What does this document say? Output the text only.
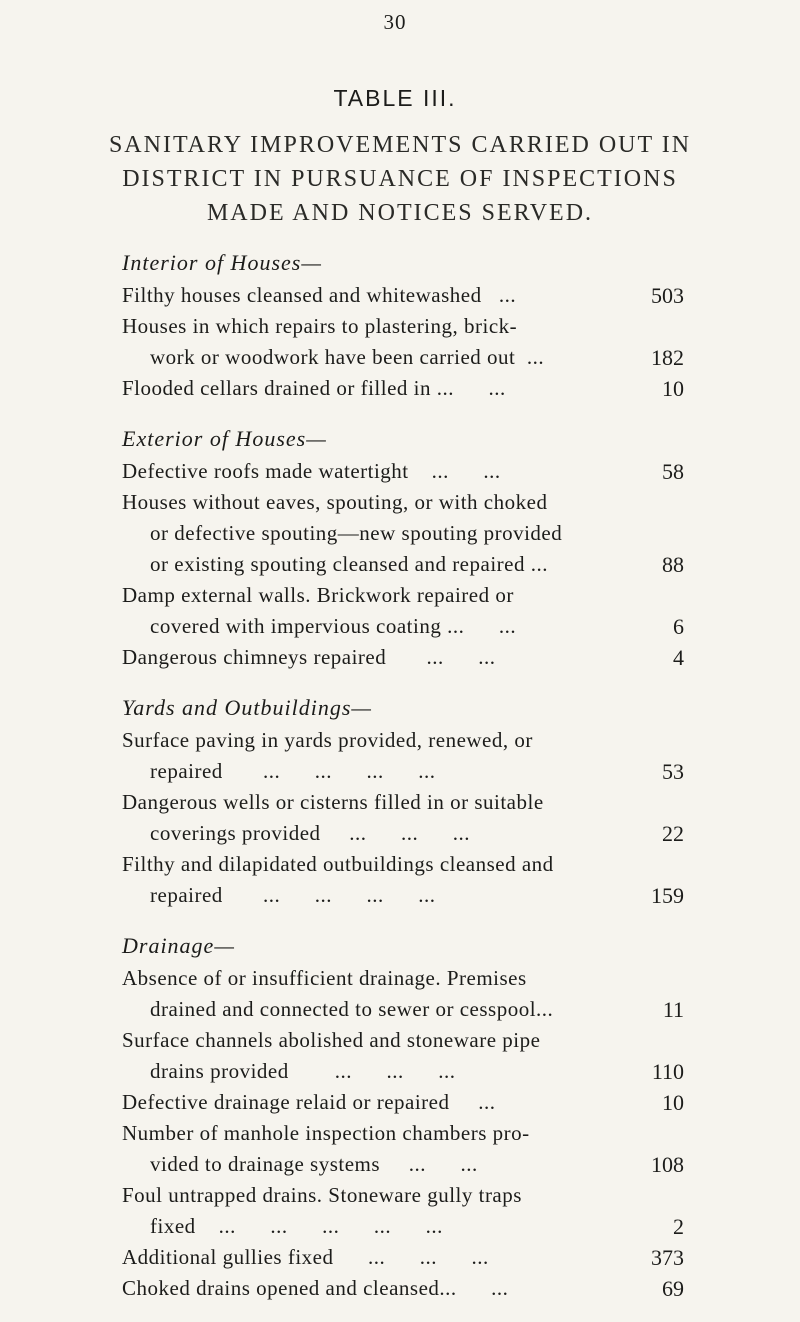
30
TABLE III.
SANITARY IMPROVEMENTS CARRIED OUT IN
DISTRICT IN PURSUANCE OF INSPECTIONS
MADE AND NOTICES SERVED.
Interior of Houses—
Filthy houses cleansed and whitewashed   ...	503
Houses in which repairs to plastering, brick-
work or woodwork have been carried out  ...	182
Flooded cellars drained or filled in ...      ...	10
Exterior of Houses—
Defective roofs made watertight    ...      ...	58
Houses without eaves, spouting, or with choked
or defective spouting—new spouting provided
or existing spouting cleansed and repaired ...	88
Damp external walls. Brickwork repaired or
covered with impervious coating ...      ...	6
Dangerous chimneys repaired       ...      ...	4
Yards and Outbuildings—
Surface paving in yards provided, renewed, or
repaired       ...      ...      ...      ...	53
Dangerous wells or cisterns filled in or suitable
coverings provided     ...      ...      ...	22
Filthy and dilapidated outbuildings cleansed and
repaired       ...      ...      ...      ...	159
Drainage—
Absence of or insufficient drainage. Premises
drained and connected to sewer or cesspool...	11
Surface channels abolished and stoneware pipe
drains provided        ...      ...      ...	110
Defective drainage relaid or repaired     ...	10
Number of manhole inspection chambers pro-
vided to drainage systems     ...      ...	108
Foul untrapped drains. Stoneware gully traps
fixed    ...      ...      ...      ...      ...	2
Additional gullies fixed      ...      ...      ...	373
Choked drains opened and cleansed...      ...	69
